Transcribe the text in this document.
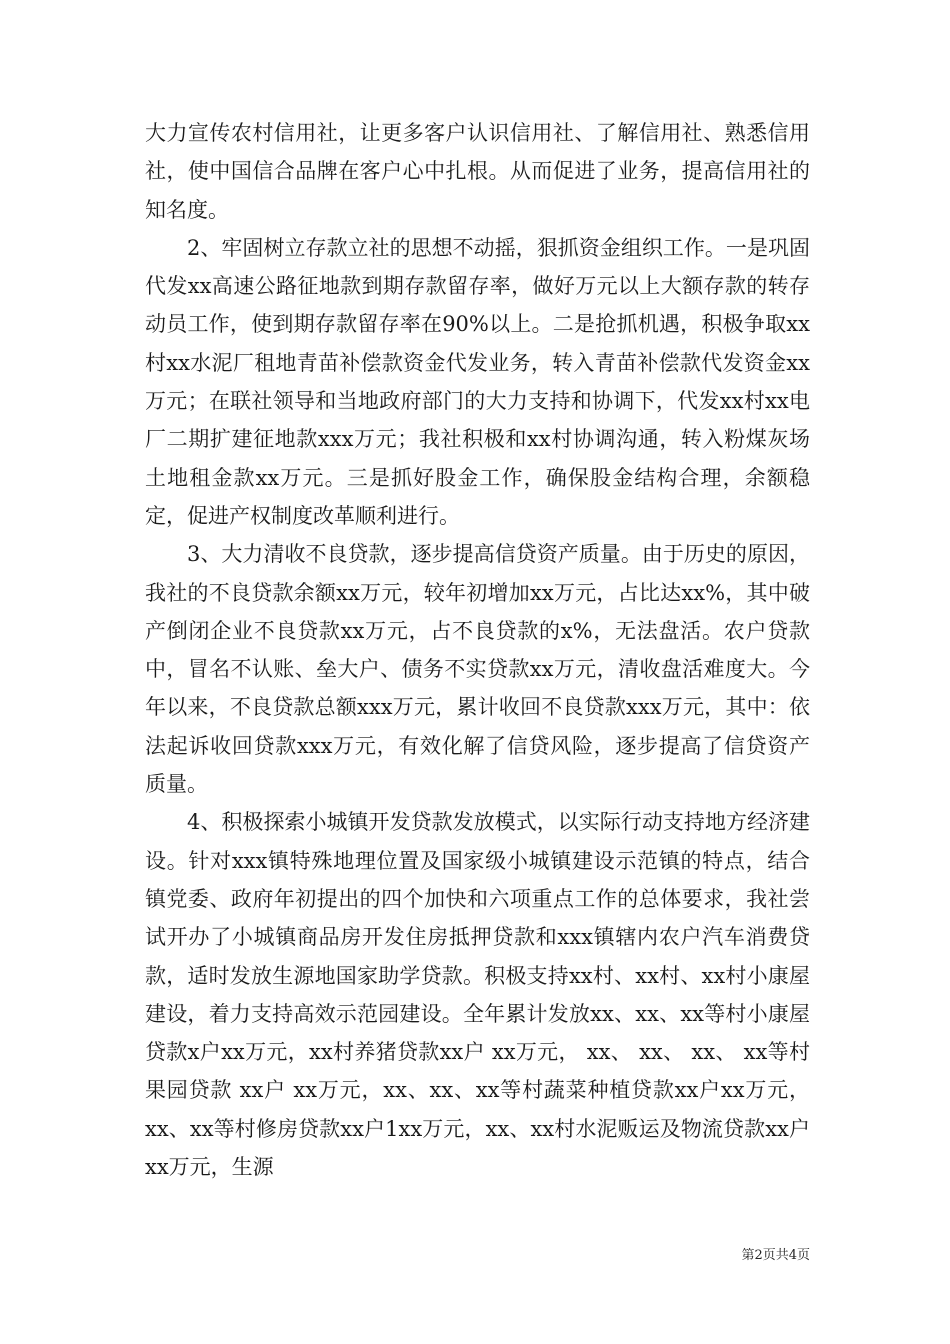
大力宣传农村信用社，让更多客户认识信用社、了解信用社、熟悉信用社，使中国信合品牌在客户心中扎根。从而促进了业务，提高信用社的知名度。

2、牢固树立存款立社的思想不动摇，狠抓资金组织工作。一是巩固代发xx高速公路征地款到期存款留存率，做好万元以上大额存款的转存动员工作，使到期存款留存率在90%以上。二是抢抓机遇，积极争取xx村xx水泥厂租地青苗补偿款资金代发业务，转入青苗补偿款代发资金xx万元；在联社领导和当地政府部门的大力支持和协调下，代发xx村xx电厂二期扩建征地款xxx万元；我社积极和xx村协调沟通，转入粉煤灰场土地租金款xx万元。三是抓好股金工作，确保股金结构合理，余额稳定，促进产权制度改革顺利进行。

3、大力清收不良贷款，逐步提高信贷资产质量。由于历史的原因，我社的不良贷款余额xx万元，较年初增加xx万元，占比达xx%，其中破产倒闭企业不良贷款xx万元，占不良贷款的x%，无法盘活。农户贷款中，冒名不认账、垒大户、债务不实贷款xx万元，清收盘活难度大。今年以来，不良贷款总额xxx万元，累计收回不良贷款xxx万元，其中：依法起诉收回贷款xxx万元，有效化解了信贷风险，逐步提高了信贷资产质量。

4、积极探索小城镇开发贷款发放模式，以实际行动支持地方经济建设。针对xxx镇特殊地理位置及国家级小城镇建设示范镇的特点，结合镇党委、政府年初提出的四个加快和六项重点工作的总体要求，我社尝试开办了小城镇商品房开发住房抵押贷款和xxx镇辖内农户汽车消费贷款，适时发放生源地国家助学贷款。积极支持xx村、xx村、xx村小康屋建设，着力支持高效示范园建设。全年累计发放xx、xx、xx等村小康屋贷款x户xx万元，xx村养猪贷款xx户 xx万元， xx、 xx、 xx、 xx等村果园贷款 xx户 xx万元，xx、xx、xx等村蔬菜种植贷款xx户xx万元，xx、xx等村修房贷款xx户1xx万元，xx、xx村水泥贩运及物流贷款xx户xx万元，生源

第2页共4页
